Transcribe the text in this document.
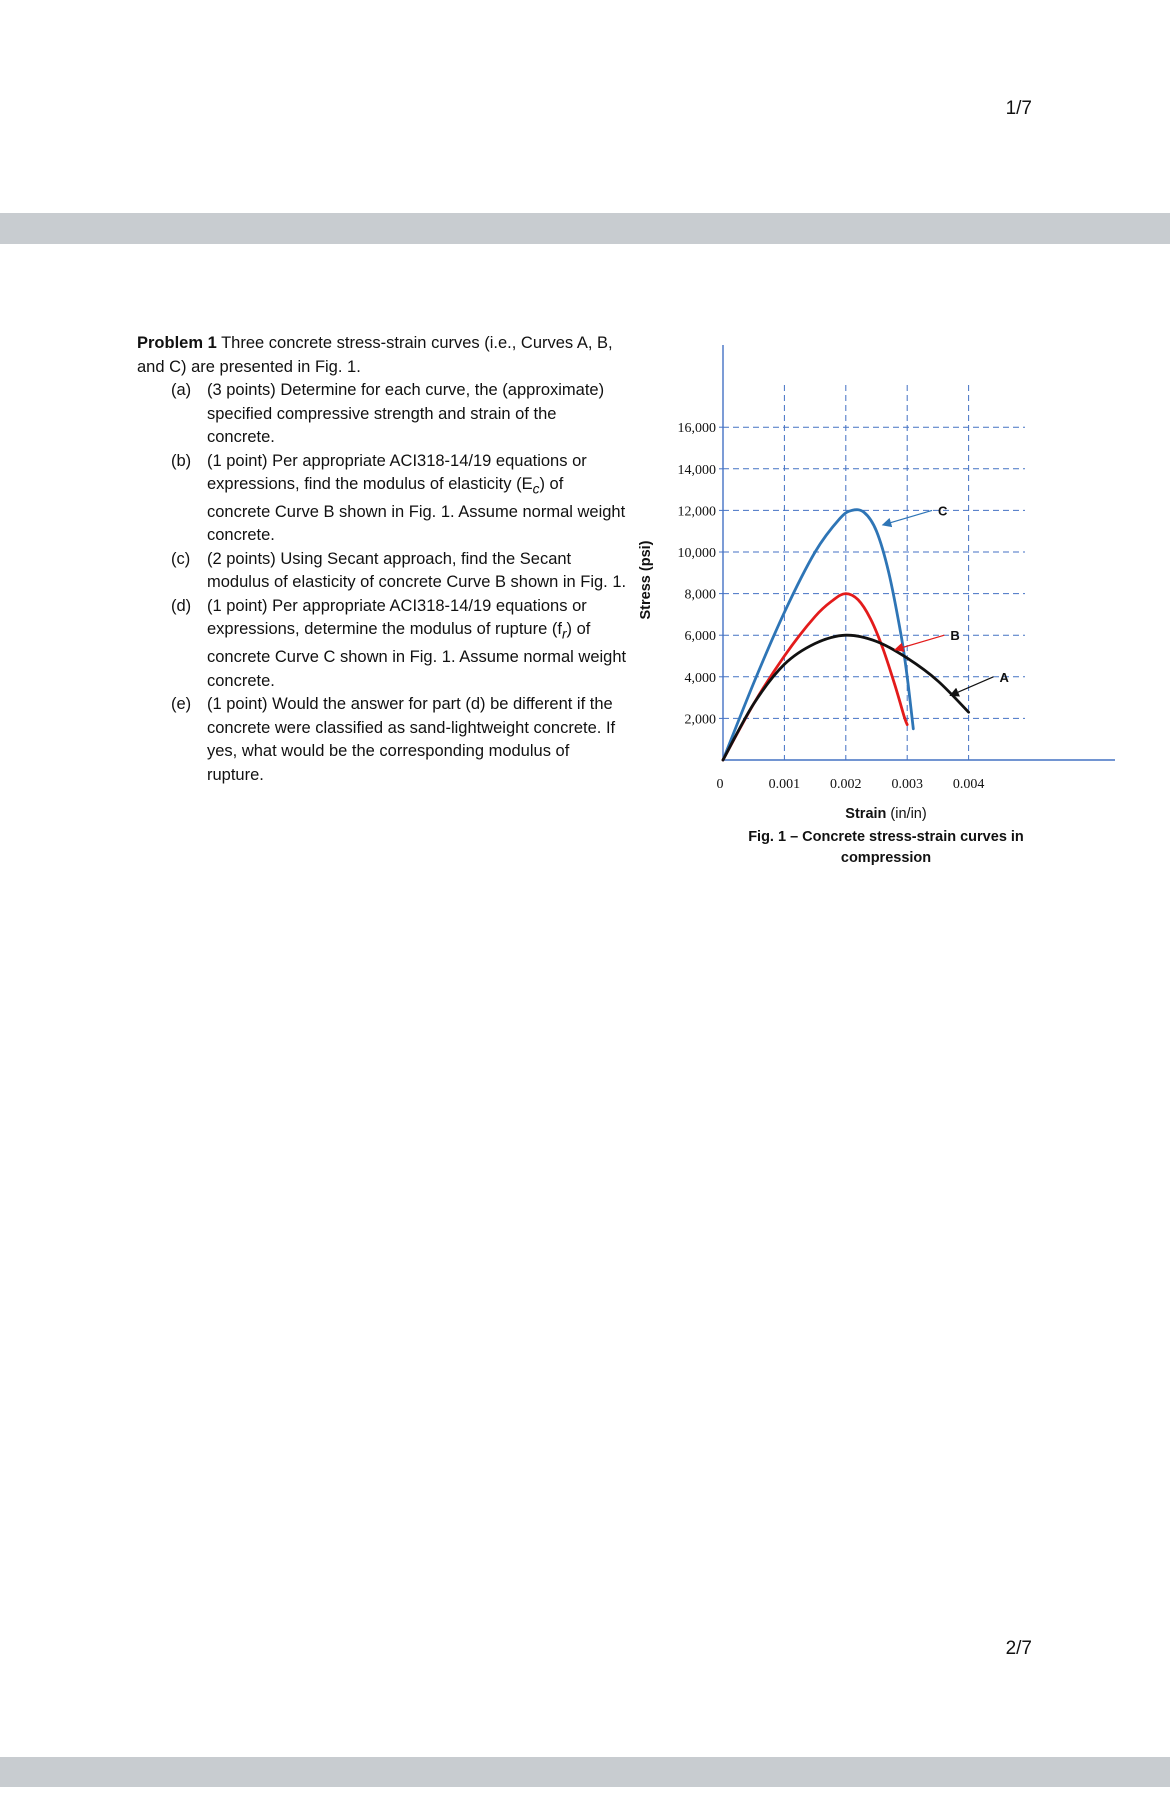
1/7

Problem 1 Three concrete stress-strain curves (i.e., Curves A, B, and C) are presented in Fig. 1.

(a) (3 points) Determine for each curve, the (approximate) specified compressive strength and strain of the concrete.
(b) (1 point) Per appropriate ACI318-14/19 equations or expressions, find the modulus of elasticity $(E_c)$ of concrete Curve B shown in Fig. 1. Assume normal weight concrete.
(c) (2 points) Using Secant approach, find the Secant modulus of elasticity of concrete Curve B shown in Fig. 1.
(d) (1 point) Per appropriate ACI318-14/19 equations or expressions, determine the modulus of rupture $(f_r)$ of concrete Curve C shown in Fig. 1. Assume normal weight concrete.
(e) (1 point) Would the answer for part (d) be different if the concrete were classified as sand-lightweight concrete. If yes, what would be the corresponding modulus of rupture.
2,000
4,000
6,000
8,000
10,000
12,000
14,000
16,000
0	0.001 0.002 0.003 0.004
C
B
A
Stress (psi)
Strain (in/in)
Fig. 1 – Concrete stress-strain curves in
compression
2/7
